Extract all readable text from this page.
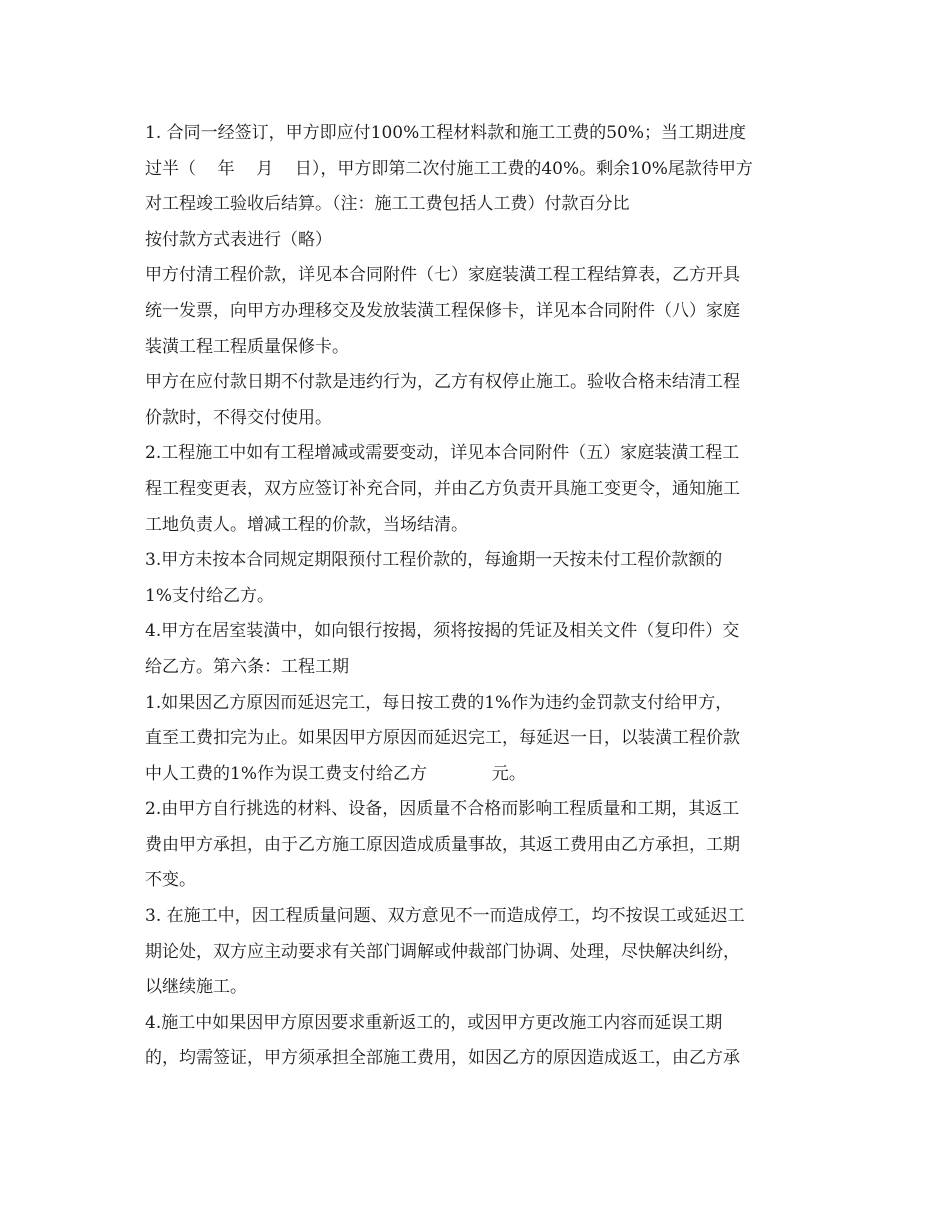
1. 合同一经签订，甲方即应付100%工程材料款和施工工费的50%；当工期进度
过半（    年    月    日），甲方即第二次付施工工费的40%。剩余10%尾款待甲方
对工程竣工验收后结算。（注：施工工费包括人工费）付款百分比
按付款方式表进行（略）
甲方付清工程价款，详见本合同附件（七）家庭装潢工程工程结算表，乙方开具
统一发票，向甲方办理移交及发放装潢工程保修卡，详见本合同附件（八）家庭
装潢工程工程质量保修卡。
甲方在应付款日期不付款是违约行为，乙方有权停止施工。验收合格未结清工程
价款时，不得交付使用。
2.工程施工中如有工程增减或需要变动，详见本合同附件（五）家庭装潢工程工
程工程变更表，双方应签订补充合同，并由乙方负责开具施工变更令，通知施工
工地负责人。增减工程的价款，当场结清。
3.甲方未按本合同规定期限预付工程价款的，每逾期一天按未付工程价款额的
1%支付给乙方。
4.甲方在居室装潢中，如向银行按揭，须将按揭的凭证及相关文件（复印件）交
给乙方。第六条：工程工期
1.如果因乙方原因而延迟完工，每日按工费的1%作为违约金罚款支付给甲方，
直至工费扣完为止。如果因甲方原因而延迟完工，每延迟一日，以装潢工程价款
中人工费的1%作为误工费支付给乙方            元。
2.由甲方自行挑选的材料、设备，因质量不合格而影响工程质量和工期，其返工
费由甲方承担，由于乙方施工原因造成质量事故，其返工费用由乙方承担，工期
不变。
3. 在施工中，因工程质量问题、双方意见不一而造成停工，均不按误工或延迟工
期论处，双方应主动要求有关部门调解或仲裁部门协调、处理，尽快解决纠纷，
以继续施工。
4.施工中如果因甲方原因要求重新返工的，或因甲方更改施工内容而延误工期
的，均需签证，甲方须承担全部施工费用，如因乙方的原因造成返工，由乙方承
